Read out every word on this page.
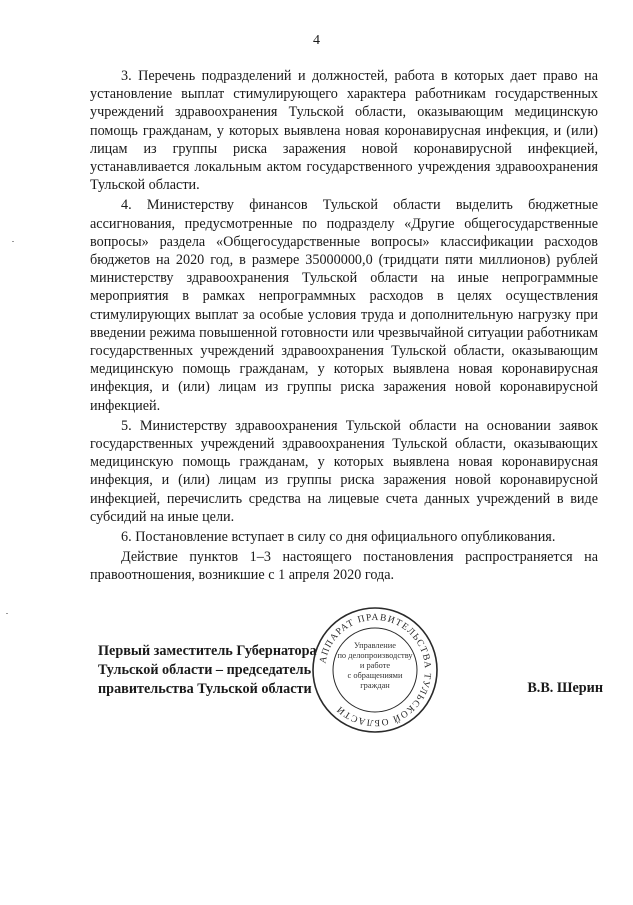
4

3. Перечень подразделений и должностей, работа в которых дает право на установление выплат стимулирующего характера работникам государственных учреждений здравоохранения Тульской области, оказывающим медицинскую помощь гражданам, у которых выявлена новая коронавирусная инфекция, и (или) лицам из группы риска заражения новой коронавирусной инфекцией, устанавливается локальным актом государственного учреждения здравоохранения Тульской области.

4. Министерству финансов Тульской области выделить бюджетные ассигнования, предусмотренные по подразделу «Другие общегосударственные вопросы» раздела «Общегосударственные вопросы» классификации расходов бюджетов на 2020 год, в размере 35000000,0 (тридцати пяти миллионов) рублей министерству здравоохранения Тульской области на иные непрограммные мероприятия в рамках непрограммных расходов в целях осуществления стимулирующих выплат за особые условия труда и дополнительную нагрузку при введении режима повышенной готовности или чрезвычайной ситуации работникам государственных учреждений здравоохранения Тульской области, оказывающим медицинскую помощь гражданам, у которых выявлена новая коронавирусная инфекция, и (или) лицам из группы риска заражения новой коронавирусной инфекцией.

5. Министерству здравоохранения Тульской области на основании заявок государственных учреждений здравоохранения Тульской области, оказывающих медицинскую помощь гражданам, у которых выявлена новая коронавирусная инфекция, и (или) лицам из группы риска заражения новой коронавирусной инфекцией, перечислить средства на лицевые счета данных учреждений в виде субсидий на иные цели.

6. Постановление вступает в силу со дня официального опубликования.

Действие пунктов 1–3 настоящего постановления распространяется на правоотношения, возникшие с 1 апреля 2020 года.

Первый заместитель Губернатора
Тульской области – председатель
правительства Тульской области	В.В. Шерин
АППАРАТ ПРАВИТЕЛЬСТВА ТУЛЬСКОЙ ОБЛАСТИ
Управление
по делопроизводству
и работе
с обращениями
граждан
